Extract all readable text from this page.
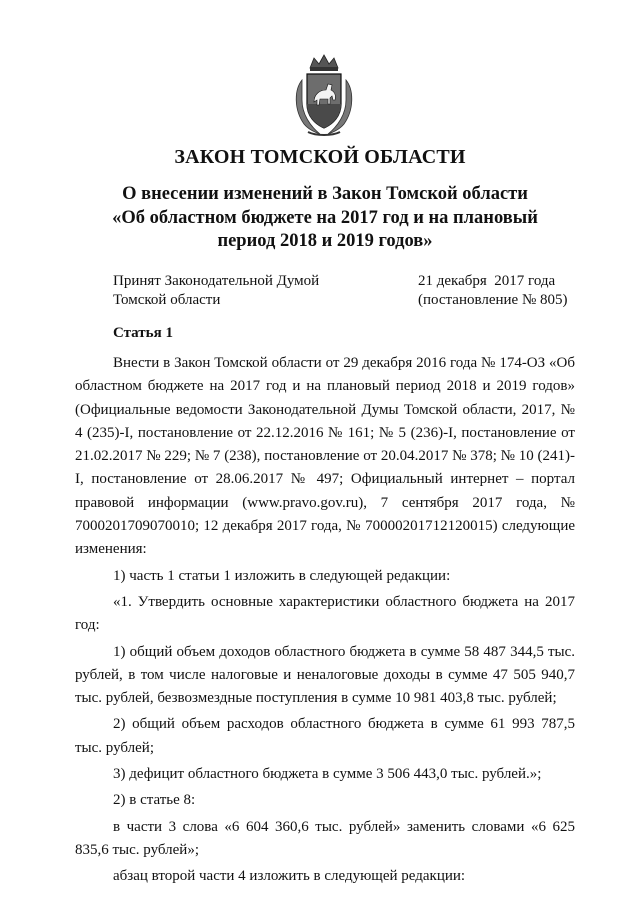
ЗАКОН ТОМСКОЙ ОБЛАСТИ
О внесении изменений в Закон Томской области
«Об областном бюджете на 2017 год и на плановый
период 2018 и 2019 годов»
Принят Законодательной Думой
Томской области
21 декабря  2017 года
(постановление № 805)
Статья 1

Внести в Закон Томской области от 29 декабря 2016 года № 174-ОЗ «Об областном бюджете на 2017 год и на плановый период 2018 и 2019 годов» (Официальные ведомости Законодательной Думы Томской области, 2017, № 4 (235)-I, постановление от 22.12.2016 № 161; № 5 (236)-I, постановление от 21.02.2017 № 229; № 7 (238), постановление от 20.04.2017 № 378; № 10 (241)-I, постановление от 28.06.2017 № 497; Официальный интернет – портал правовой информации (www.pravo.gov.ru), 7 сентября 2017 года, № 7000201709070010; 12 декабря 2017 года, № 70000201712120015) следующие изменения:

1) часть 1 статьи 1 изложить в следующей редакции:

«1. Утвердить основные характеристики областного бюджета на 2017 год:

1) общий объем доходов областного бюджета в сумме 58 487 344,5 тыс. рублей, в том числе налоговые и неналоговые доходы в сумме 47 505 940,7 тыс. рублей, безвозмездные поступления в сумме 10 981 403,8 тыс. рублей;

2) общий объем расходов областного бюджета в сумме 61 993 787,5 тыс. рублей;

3) дефицит областного бюджета в сумме 3 506 443,0 тыс. рублей.»;

2) в статье 8:

в части 3 слова «6 604 360,6 тыс. рублей» заменить словами «6 625 835,6 тыс. рублей»;

абзац второй части 4 изложить в следующей редакции:
